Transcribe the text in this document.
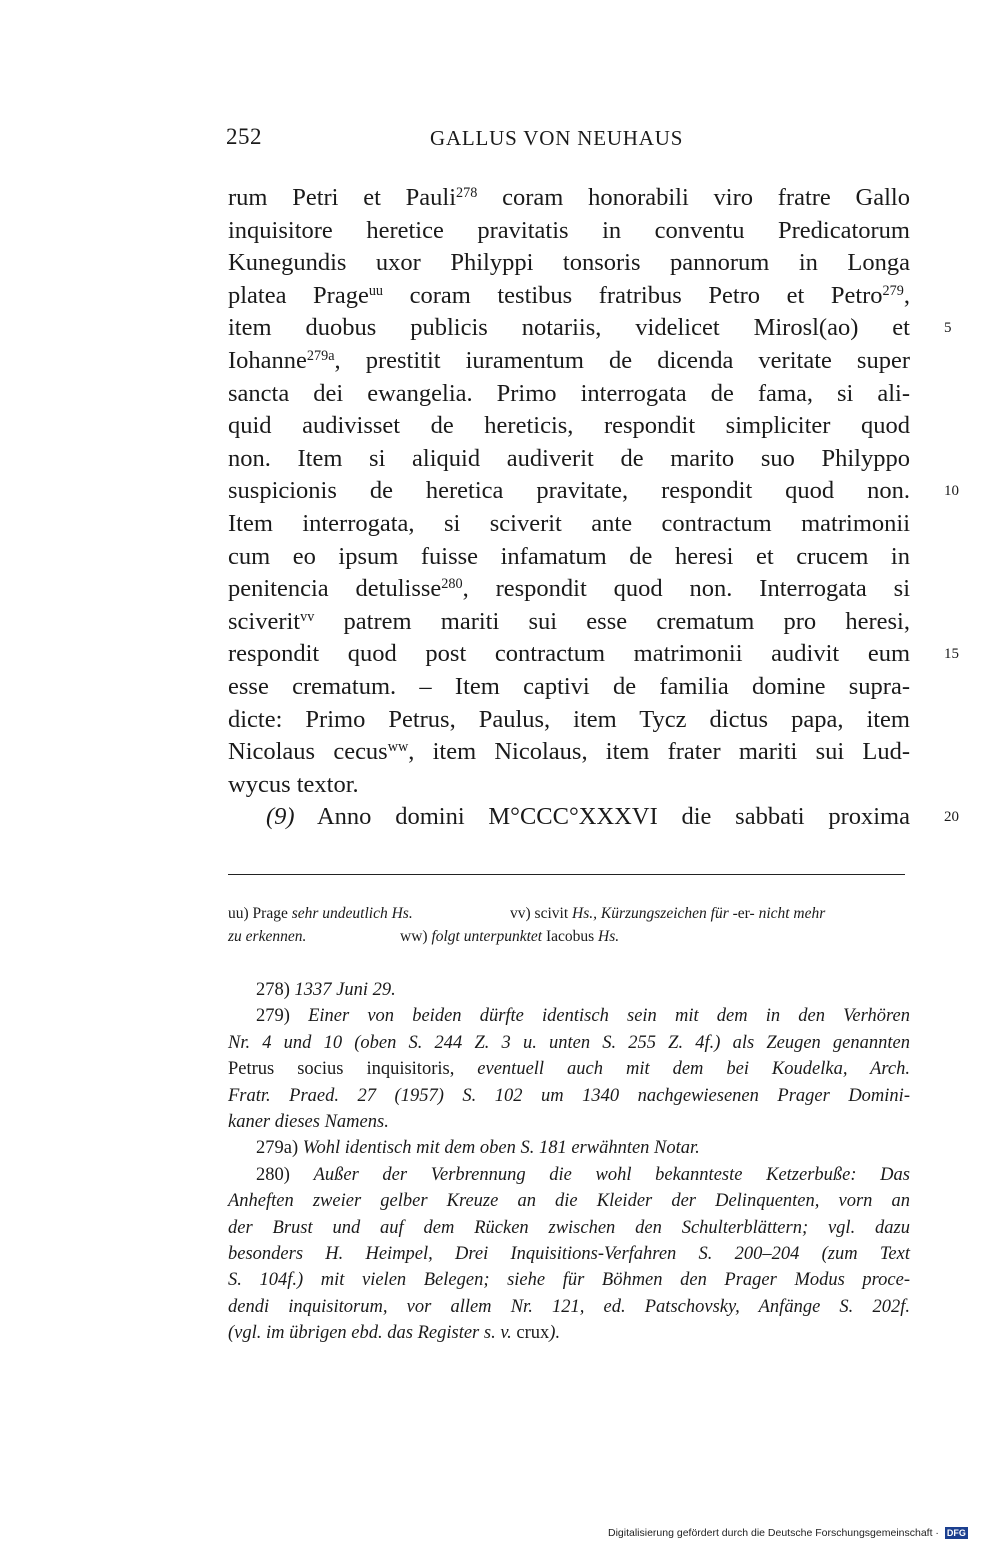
252	GALLUS VON NEUHAUS
rum Petri et Pauli$^{278}$ coram honorabili viro fratre Gallo
inquisitore heretice pravitatis in conventu Predicatorum
Kunegundis uxor Philyppi tonsoris pannorum in Longa
platea Prage$^{uu}$ coram testibus fratribus Petro et Petro$^{279}$,
item duobus publicis notariis, videlicet Mirosl(ao) et 5
Iohanne$^{279a}$, prestitit iuramentum de dicenda veritate super
sancta dei ewangelia. Primo interrogata de fama, si ali-
quid audivisset de hereticis, respondit simpliciter quod
non. Item si aliquid audiverit de marito suo Philyppo
suspicionis de heretica pravitate, respondit quod non. 10
Item interrogata, si sciverit ante contractum matrimonii
cum eo ipsum fuisse infamatum de heresi et crucem in
penitencia detulisse$^{280}$, respondit quod non. Interrogata si
sciverit$^{vv}$ patrem mariti sui esse crematum pro heresi,
respondit quod post contractum matrimonii audivit eum 15
esse crematum. – Item captivi de familia domine supra-
dicte: Primo Petrus, Paulus, item Tycz dictus papa, item
Nicolaus cecus$^{ww}$, item Nicolaus, item frater mariti sui Lud-
wycus textor.
(9) Anno domini M°CCC°XXXVI die sabbati proxima 20
uu) Prage sehr undeutlich Hs.	vv) scivit Hs., Kürzungszeichen für -er- nicht mehr
zu erkennen.	ww) folgt unterpunktet Iacobus Hs.
278) 1337 Juni 29.
279) Einer von beiden dürfte identisch sein mit dem in den Verhören
Nr. 4 und 10 (oben S. 244 Z. 3 u. unten S. 255 Z. 4f.) als Zeugen genannten
Petrus socius inquisitoris, eventuell auch mit dem bei Koudelka, Arch.
Fratr. Praed. 27 (1957) S. 102 um 1340 nachgewiesenen Prager Domini-
kaner dieses Namens.
279a) Wohl identisch mit dem oben S. 181 erwähnten Notar.
280) Außer der Verbrennung die wohl bekannteste Ketzerbuße: Das
Anheften zweier gelber Kreuze an die Kleider der Delinquenten, vorn an
der Brust und auf dem Rücken zwischen den Schulterblättern; vgl. dazu
besonders H. Heimpel, Drei Inquisitions-Verfahren S. 200–204 (zum Text
S. 104f.) mit vielen Belegen; siehe für Böhmen den Prager Modus proce-
dendi inquisitorum, vor allem Nr. 121, ed. Patschovsky, Anfänge S. 202f.
(vgl. im übrigen ebd. das Register s. v. crux).
Digitalisierung gefördert durch die Deutsche Forschungsgemeinschaft · DFG
